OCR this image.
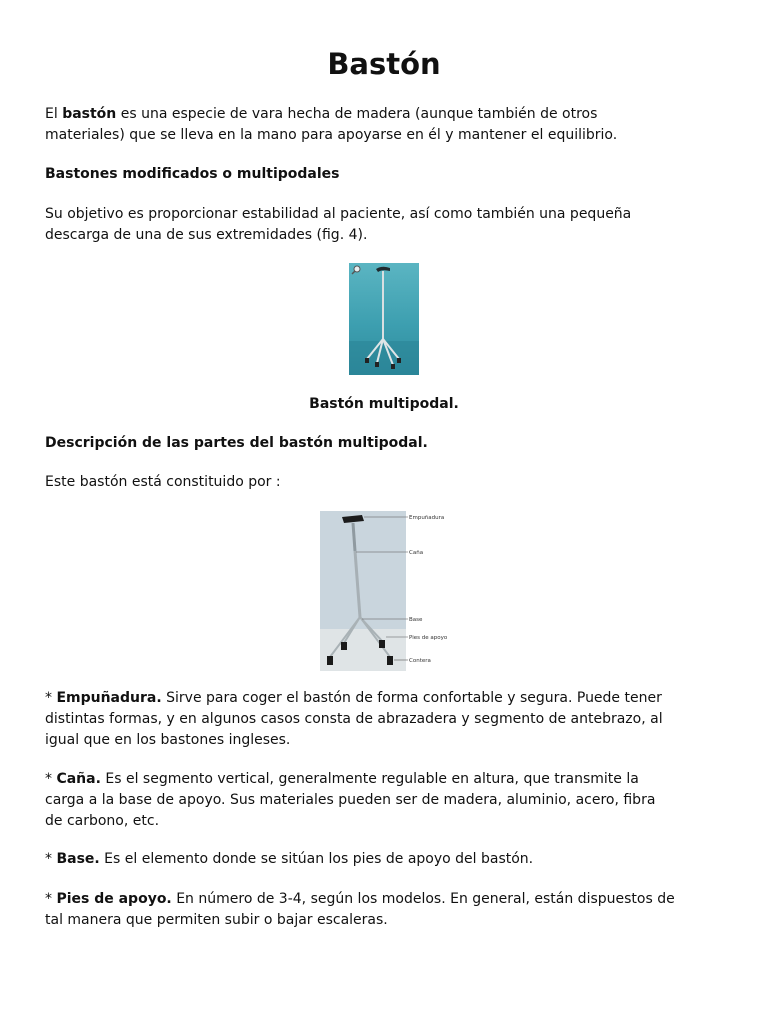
Bastón
El bastón es una especie de vara hecha de madera (aunque también de otros
materiales) que se lleva en la mano para apoyarse en él y mantener el equilibrio.
Bastones modificados o multipodales
Su objetivo es proporcionar estabilidad al paciente, así como también una pequeña
descarga de una de sus extremidades (fig. 4).
Bastón multipodal.
Descripción de las partes del bastón multipodal.
Este bastón está constituido por :
Empuñadura
Caña
Base
Pies de apoyo
Contera
* Empuñadura. Sirve para coger el bastón de forma confortable y segura. Puede tener
distintas formas, y en algunos casos consta de abrazadera y segmento de antebrazo, al
igual que en los bastones ingleses.
* Caña. Es el segmento vertical, generalmente regulable en altura, que transmite la
carga a la base de apoyo. Sus materiales pueden ser de madera, aluminio, acero, fibra
de carbono, etc.
* Base. Es el elemento donde se sitúan los pies de apoyo del bastón.
* Pies de apoyo. En número de 3-4, según los modelos. En general, están dispuestos de
tal manera que permiten subir o bajar escaleras.
